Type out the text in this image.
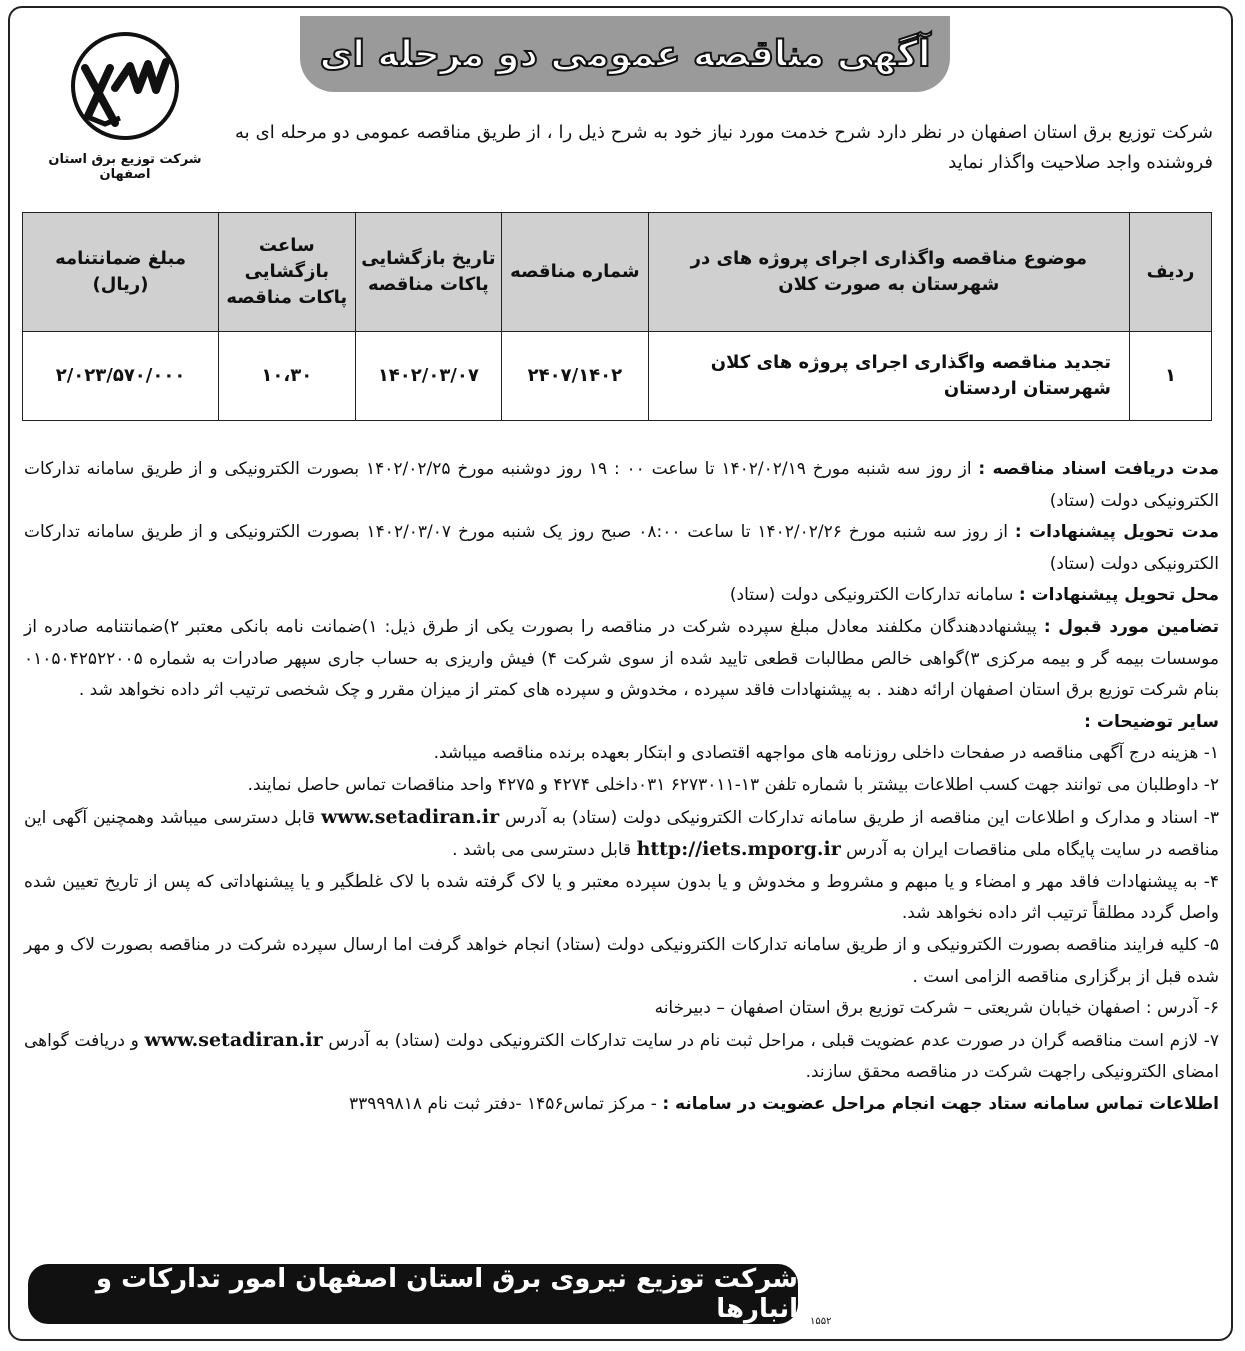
آگهی مناقصه عمومی دو مرحله ای
شرکت توزیع برق استان اصفهان
شرکت توزیع برق استان اصفهان در نظر دارد شرح خدمت مورد نیاز خود به شرح ذیل را ، از طریق مناقصه عمومی دو مرحله ای به فروشنده واجد صلاحیت واگذار نماید
ردیف	موضوع مناقصه واگذاری اجرای پروژه های در شهرستان به صورت کلان	شماره مناقصه	تاریخ بازگشایی پاکات مناقصه	ساعت بازگشایی پاکات مناقصه	مبلغ ضمانتنامه (ریال)
۱	تجدید مناقصه واگذاری اجرای پروژه های کلان شهرستان اردستان	۲۴۰۷/۱۴۰۲	۱۴۰۲/۰۳/۰۷	۱۰،۳۰	۲/۰۲۳/۵۷۰/۰۰۰

مدت دریافت اسناد مناقصه : از روز سه شنبه مورخ ۱۴۰۲/۰۲/۱۹ تا ساعت ۰۰ : ۱۹ روز دوشنبه مورخ ۱۴۰۲/۰۲/۲۵ بصورت الکترونیکی و از طریق سامانه تدارکات الکترونیکی دولت (ستاد)

مدت تحویل پیشنهادات : از روز سه شنبه مورخ ۱۴۰۲/۰۲/۲۶ تا ساعت ۰۸:۰۰ صبح روز یک شنبه مورخ ۱۴۰۲/۰۳/۰۷ بصورت الکترونیکی و از طریق سامانه تدارکات الکترونیکی دولت (ستاد)

محل تحویل پیشنهادات : سامانه تدارکات الکترونیکی دولت (ستاد)

تضامین مورد قبول : پیشنهاددهندگان مکلفند معادل مبلغ سپرده شرکت در مناقصه را بصورت یکی از طرق ذیل: ۱)ضمانت نامه بانکی معتبر ۲)ضمانتنامه صادره از موسسات بیمه گر و بیمه مرکزی ۳)گواهی خالص مطالبات قطعی تایید شده از سوی شرکت ۴) فیش واریزی به حساب جاری سپهر صادرات به شماره ۰۱۰۵۰۴۲۵۲۲۰۰۵ بنام شرکت توزیع برق استان اصفهان ارائه دهند . به پیشنهادات فاقد سپرده ، مخدوش و سپرده های کمتر از میزان مقرر و چک شخصی ترتیب اثر داده نخواهد شد .

سایر توضیحات :

۱- هزینه درج آگهی مناقصه در صفحات داخلی روزنامه های مواجهه اقتصادی و ابتکار بعهده برنده مناقصه میباشد.

۲- داوطلبان می توانند جهت کسب اطلاعات بیشتر با شماره تلفن ۱۳-۶۲۷۳۰۱۱ ۰۳۱داخلی ۴۲۷۴ و ۴۲۷۵ واحد مناقصات تماس حاصل نمایند.

۳- اسناد و مدارک و اطلاعات این مناقصه از طریق سامانه تدارکات الکترونیکی دولت (ستاد) به آدرس www.setadiran.ir قابل دسترسی میباشد وهمچنین آگهی این مناقصه در سایت پایگاه ملی مناقصات ایران به آدرس http://iets.mporg.ir قابل دسترسی می باشد .

۴- به پیشنهادات فاقد مهر و امضاء و یا مبهم و مشروط و مخدوش و یا بدون سپرده معتبر و یا لاک گرفته شده با لاک غلطگیر و یا پیشنهاداتی که پس از تاریخ تعیین شده واصل گردد مطلقاً ترتیب اثر داده نخواهد شد.

۵- کلیه فرایند مناقصه بصورت الکترونیکی و از طریق سامانه تدارکات الکترونیکی دولت (ستاد) انجام خواهد گرفت اما ارسال سپرده شرکت در مناقصه بصورت لاک و مهر شده قبل از برگزاری مناقصه الزامی است .

۶- آدرس : اصفهان خیابان شریعتی – شرکت توزیع برق استان اصفهان – دبیرخانه

۷- لازم است مناقصه گران در صورت عدم عضویت قبلی ، مراحل ثبت نام در سایت تدارکات الکترونیکی دولت (ستاد) به آدرس www.setadiran.ir و دریافت گواهی امضای الکترونیکی راجهت شرکت در مناقصه محقق سازند.

اطلاعات تماس سامانه ستاد جهت انجام مراحل عضویت در سامانه : - مرکز تماس۱۴۵۶ -دفتر ثبت نام ۳۳۹۹۹۸۱۸

شرکت توزیع نیروی برق استان اصفهان امور تدارکات و انبارها ۱۵۵۲
